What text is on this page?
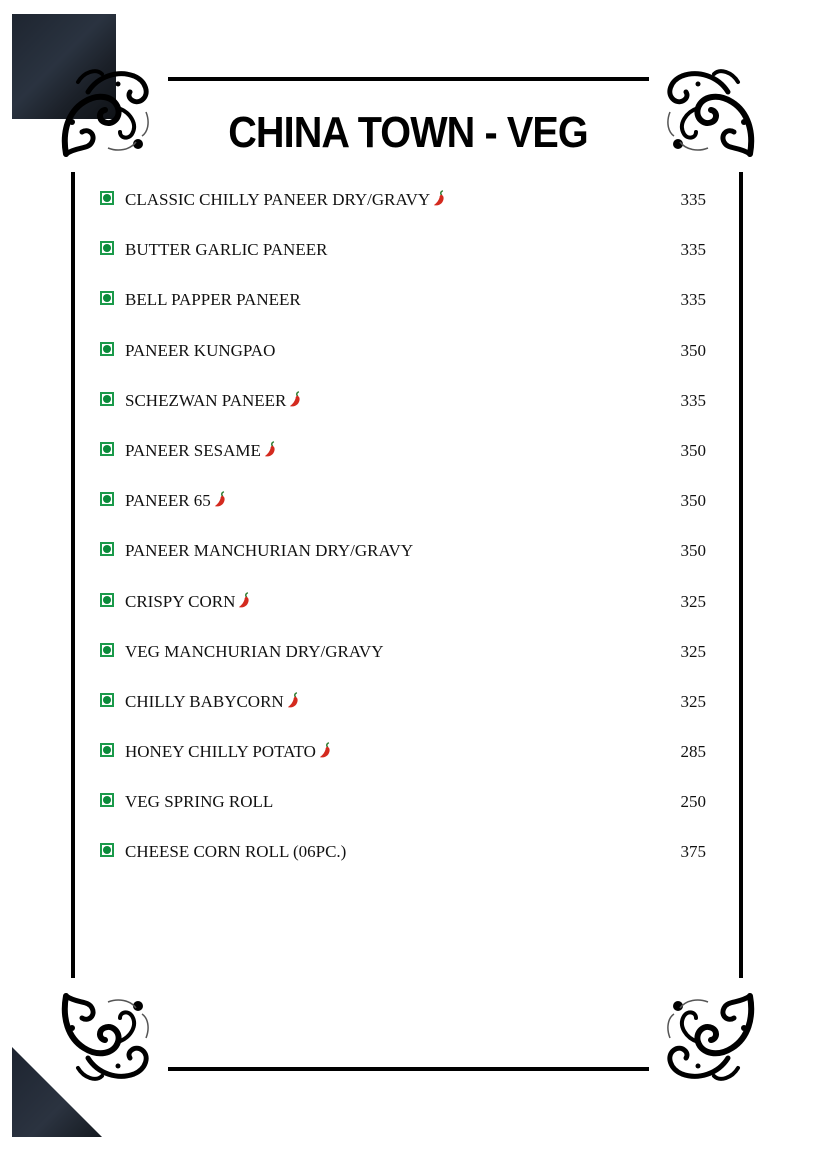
CHINA TOWN - VEG
CLASSIC CHILLY PANEER DRY/GRAVY	335
BUTTER GARLIC PANEER	335
BELL PAPPER PANEER	335
PANEER KUNGPAO	350
SCHEZWAN PANEER	335
PANEER SESAME	350
PANEER 65	350
PANEER MANCHURIAN DRY/GRAVY	350
CRISPY CORN	325
VEG MANCHURIAN DRY/GRAVY	325
CHILLY BABYCORN	325
HONEY CHILLY POTATO	285
VEG SPRING ROLL	250
CHEESE CORN ROLL (06PC.)	375
